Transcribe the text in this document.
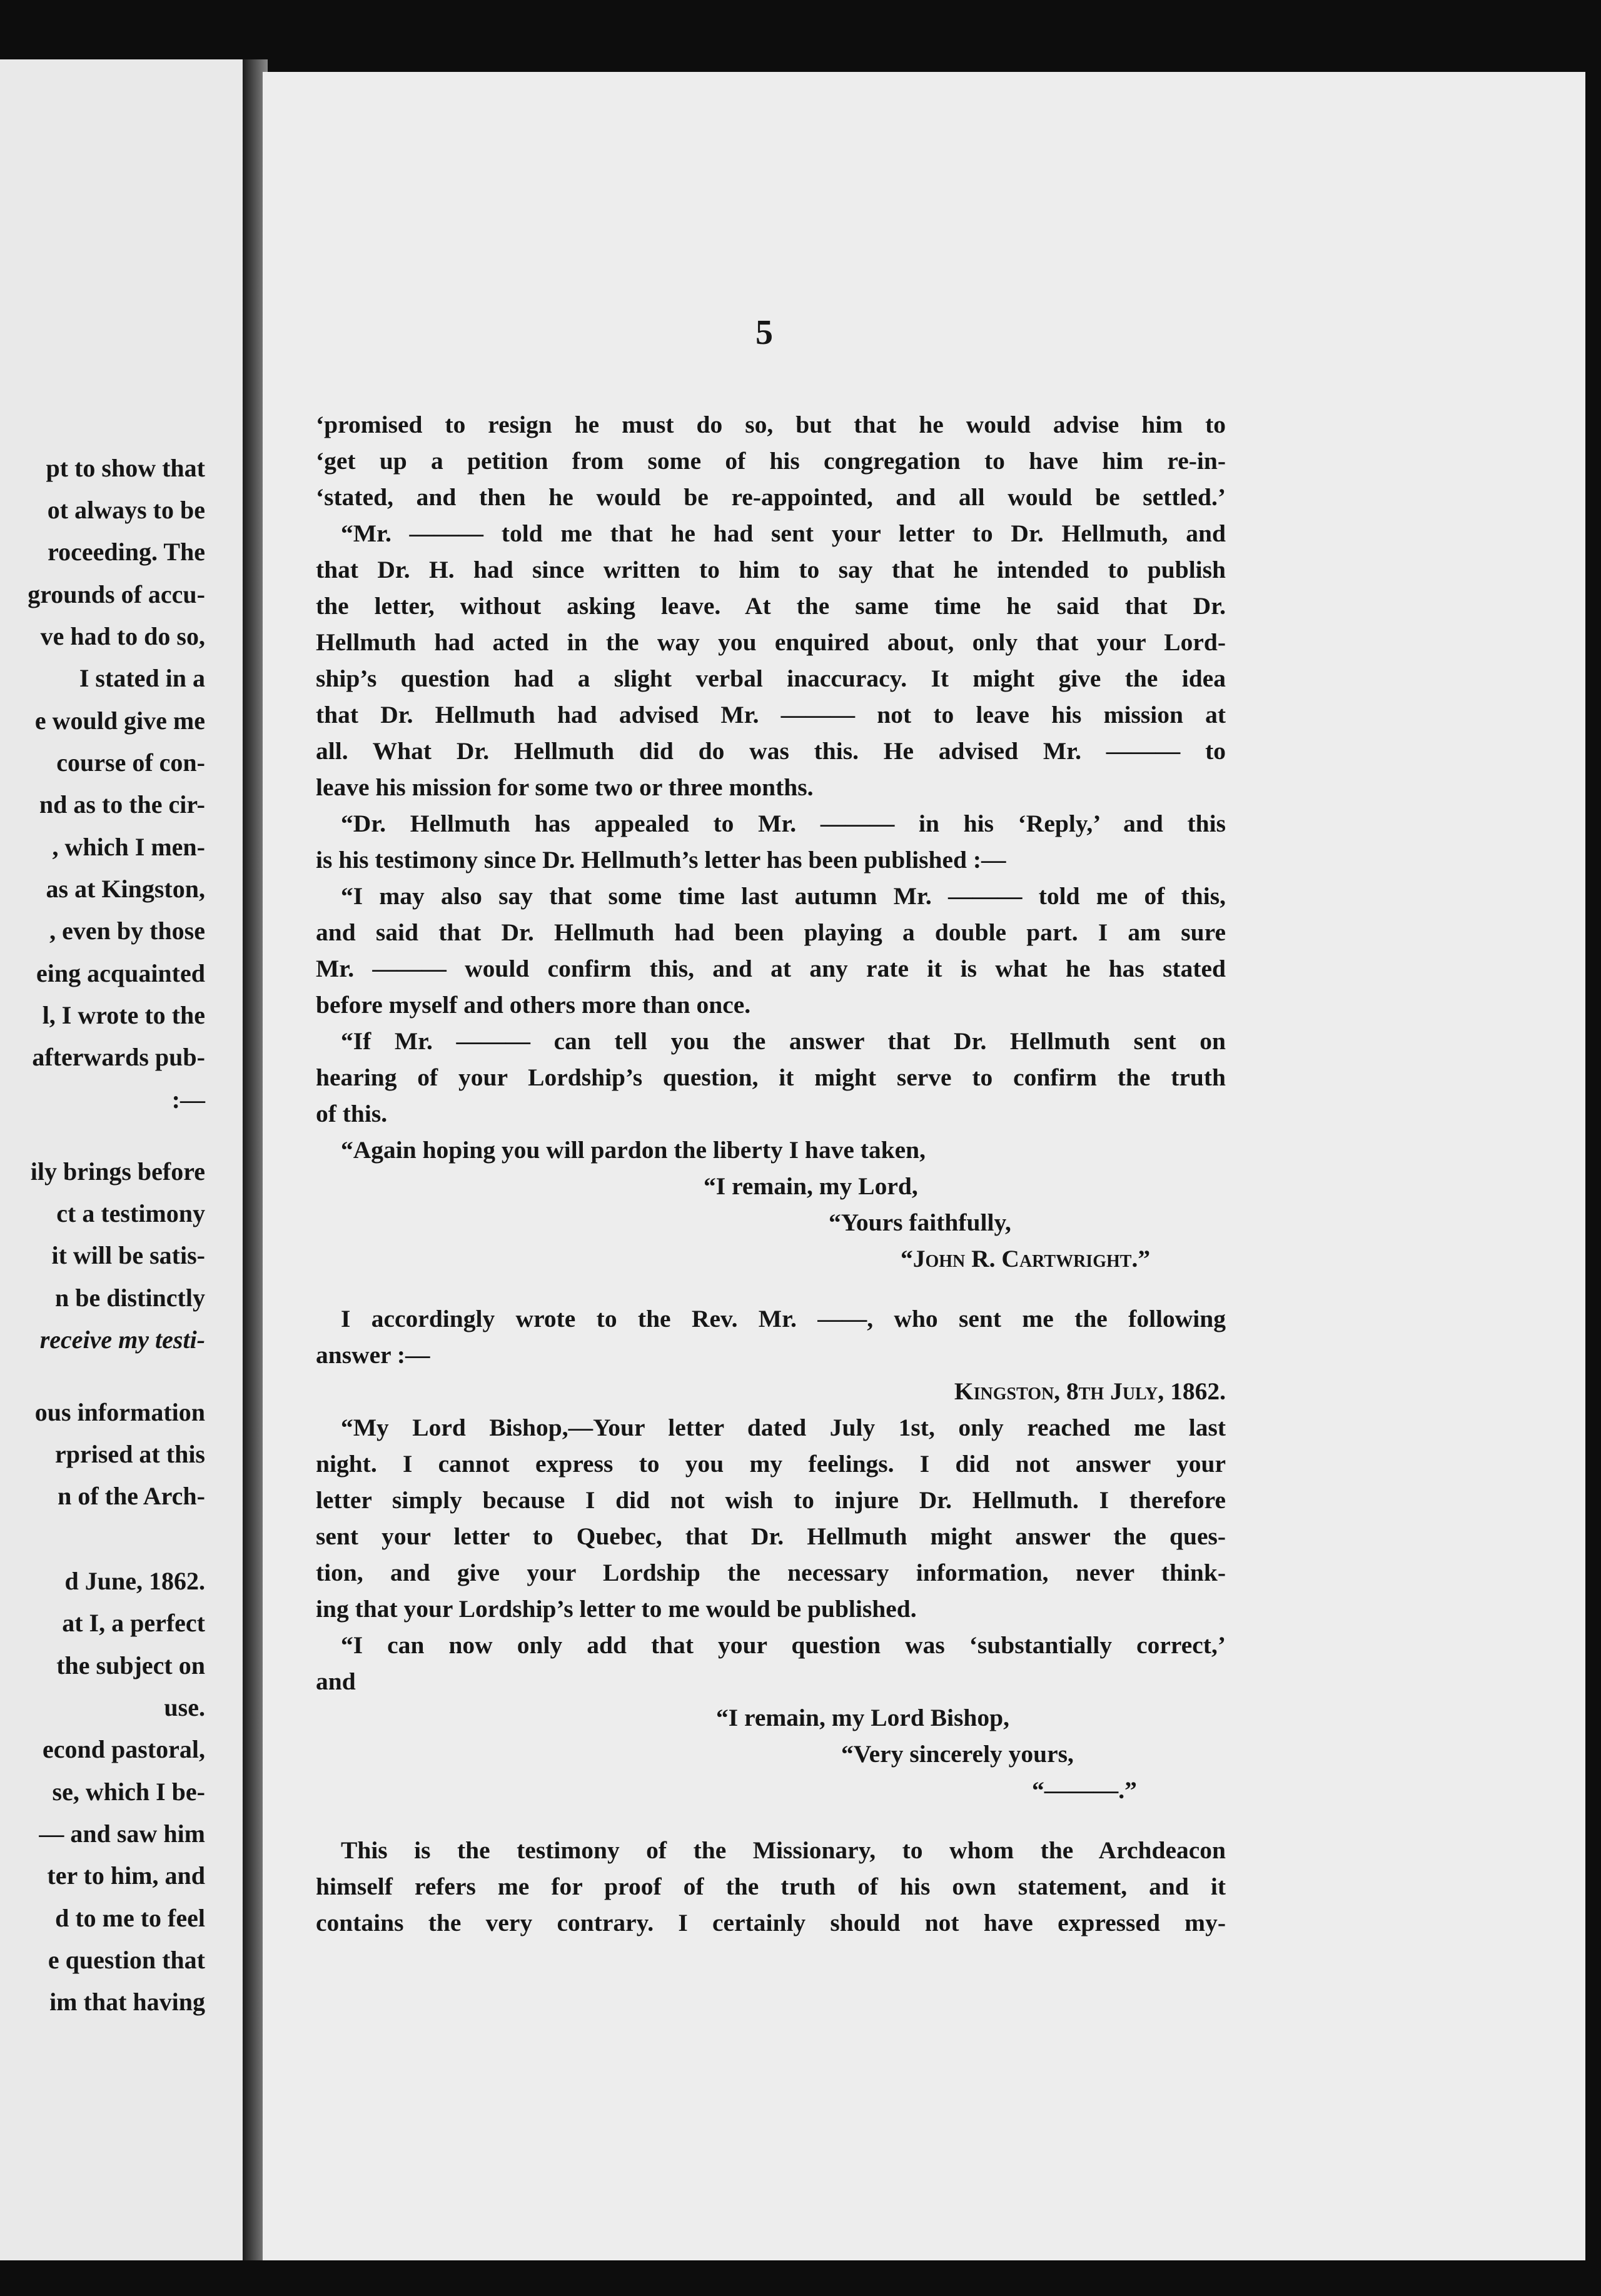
pt to show that
ot always to be
roceeding. The
grounds of accu-
ve had to do so,
I stated in a
e would give me
course of con-
nd as to the cir-
, which I men-
as at Kingston,
, even by those
eing acquainted
l, I wrote to the
afterwards pub-
:—
ily brings before
ct a testimony
it will be satis-
n be distinctly
receive my testi-
ous information
rprised at this
n of the Arch-
d June, 1862.
at I, a perfect
the subject on
use.
econd pastoral,
se, which I be-
— and saw him
ter to him, and
d to me to feel
e question that
im that having
5
‘promised to resign he must do so, but that he would advise him to
‘get up a petition from some of his congregation to have him re-in-
‘stated, and then he would be re-appointed, and all would be settled.’
“Mr. ——— told me that he had sent your letter to Dr. Hellmuth, and
that Dr. H. had since written to him to say that he intended to publish
the letter, without asking leave. At the same time he said that Dr.
Hellmuth had acted in the way you enquired about, only that your Lord-
ship’s question had a slight verbal inaccuracy. It might give the idea
that Dr. Hellmuth had advised Mr. ——— not to leave his mission at
all. What Dr. Hellmuth did do was this. He advised Mr. ——— to
leave his mission for some two or three months.
“Dr. Hellmuth has appealed to Mr. ——— in his ‘Reply,’ and this
is his testimony since Dr. Hellmuth’s letter has been published :—
“I may also say that some time last autumn Mr. ——— told me of this,
and said that Dr. Hellmuth had been playing a double part. I am sure
Mr. ——— would confirm this, and at any rate it is what he has stated
before myself and others more than once.
“If Mr. ——— can tell you the answer that Dr. Hellmuth sent on
hearing of your Lordship’s question, it might serve to confirm the truth
of this.
“Again hoping you will pardon the liberty I have taken,
“I remain, my Lord,
“Yours faithfully,
“John R. Cartwright.”
I accordingly wrote to the Rev. Mr. ——, who sent me the following
answer :—
Kingston, 8th July, 1862.
“My Lord Bishop,—Your letter dated July 1st, only reached me last
night. I cannot express to you my feelings. I did not answer your
letter simply because I did not wish to injure Dr. Hellmuth. I therefore
sent your letter to Quebec, that Dr. Hellmuth might answer the ques-
tion, and give your Lordship the necessary information, never think-
ing that your Lordship’s letter to me would be published.
“I can now only add that your question was ‘substantially correct,’
and
“I remain, my Lord Bishop,
“Very sincerely yours,
“———.”
This is the testimony of the Missionary, to whom the Archdeacon
himself refers me for proof of the truth of his own statement, and it
contains the very contrary. I certainly should not have expressed my-
